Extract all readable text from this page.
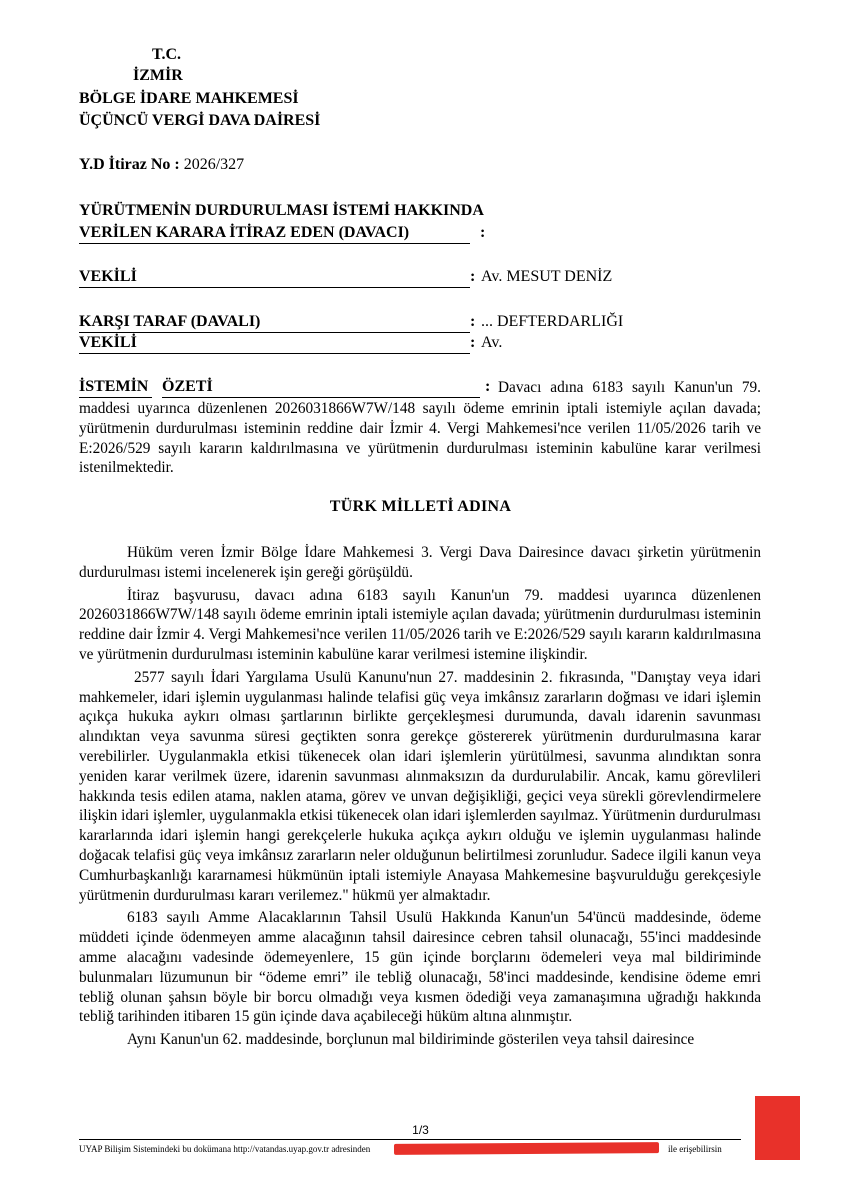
T.C.
İZMİR
BÖLGE İDARE MAHKEMESİ
ÜÇÜNCÜ VERGİ DAVA DAİRESİ
Y.D İtiraz No : 2026/327
YÜRÜTMENİN DURDURULMASI İSTEMİ HAKKINDA
VERİLEN KARARA İTİRAZ EDEN (DAVACI)	:
VEKİLİ	: Av. MESUT DENİZ
KARŞI TARAF (DAVALI)	: ... DEFTERDARLIĞI
VEKİLİ	: Av.
İSTEMİN ÖZETİ	: Davacı adına 6183 sayılı Kanun'un 79.

maddesi uyarınca düzenlenen 2026031866W7W/148 sayılı ödeme emrinin iptali istemiyle açılan davada; yürütmenin durdurulması isteminin reddine dair İzmir 4. Vergi Mahkemesi'nce verilen 11/05/2026 tarih ve E:2026/529 sayılı kararın kaldırılmasına ve yürütmenin durdurulması isteminin kabulüne karar verilmesi istenilmektedir.

TÜRK MİLLETİ ADINA

Hüküm veren İzmir Bölge İdare Mahkemesi 3. Vergi Dava Dairesince davacı şirketin yürütmenin durdurulması istemi incelenerek işin gereği görüşüldü.

İtiraz başvurusu, davacı adına 6183 sayılı Kanun'un 79. maddesi uyarınca düzenlenen 2026031866W7W/148 sayılı ödeme emrinin iptali istemiyle açılan davada; yürütmenin durdurulması isteminin reddine dair İzmir 4. Vergi Mahkemesi'nce verilen 11/05/2026 tarih ve E:2026/529 sayılı kararın kaldırılmasına ve yürütmenin durdurulması isteminin kabulüne karar verilmesi istemine ilişkindir.

2577 sayılı İdari Yargılama Usulü Kanunu'nun 27. maddesinin 2. fıkrasında, "Danıştay veya idari mahkemeler, idari işlemin uygulanması halinde telafisi güç veya imkânsız zararların doğması ve idari işlemin açıkça hukuka aykırı olması şartlarının birlikte gerçekleşmesi durumunda, davalı idarenin savunması alındıktan veya savunma süresi geçtikten sonra gerekçe göstererek yürütmenin durdurulmasına karar verebilirler. Uygulanmakla etkisi tükenecek olan idari işlemlerin yürütülmesi, savunma alındıktan sonra yeniden karar verilmek üzere, idarenin savunması alınmaksızın da durdurulabilir. Ancak, kamu görevlileri hakkında tesis edilen atama, naklen atama, görev ve unvan değişikliği, geçici veya sürekli görevlendirmelere ilişkin idari işlemler, uygulanmakla etkisi tükenecek olan idari işlemlerden sayılmaz. Yürütmenin durdurulması kararlarında idari işlemin hangi gerekçelerle hukuka açıkça aykırı olduğu ve işlemin uygulanması halinde doğacak telafisi güç veya imkânsız zararların neler olduğunun belirtilmesi zorunludur. Sadece ilgili kanun veya Cumhurbaşkanlığı kararnamesi hükmünün iptali istemiyle Anayasa Mahkemesine başvurulduğu gerekçesiyle yürütmenin durdurulması kararı verilemez." hükmü yer almaktadır.

6183 sayılı Amme Alacaklarının Tahsil Usulü Hakkında Kanun'un 54'üncü maddesinde, ödeme müddeti içinde ödenmeyen amme alacağının tahsil dairesince cebren tahsil olunacağı, 55'inci maddesinde amme alacağını vadesinde ödemeyenlere, 15 gün içinde borçlarını ödemeleri veya mal bildiriminde bulunmaları lüzumunun bir “ödeme emri” ile tebliğ olunacağı, 58'inci maddesinde, kendisine ödeme emri tebliğ olunan şahsın böyle bir borcu olmadığı veya kısmen ödediği veya zamanaşımına uğradığı hakkında tebliğ tarihinden itibaren 15 gün içinde dava açabileceği hüküm altına alınmıştır.

Aynı Kanun'un 62. maddesinde, borçlunun mal bildiriminde gösterilen veya tahsil dairesince

1/3
UYAP Bilişim Sistemindeki bu dokümana http://vatandas.uyap.gov.tr adresinden	ile erişebilirsin
